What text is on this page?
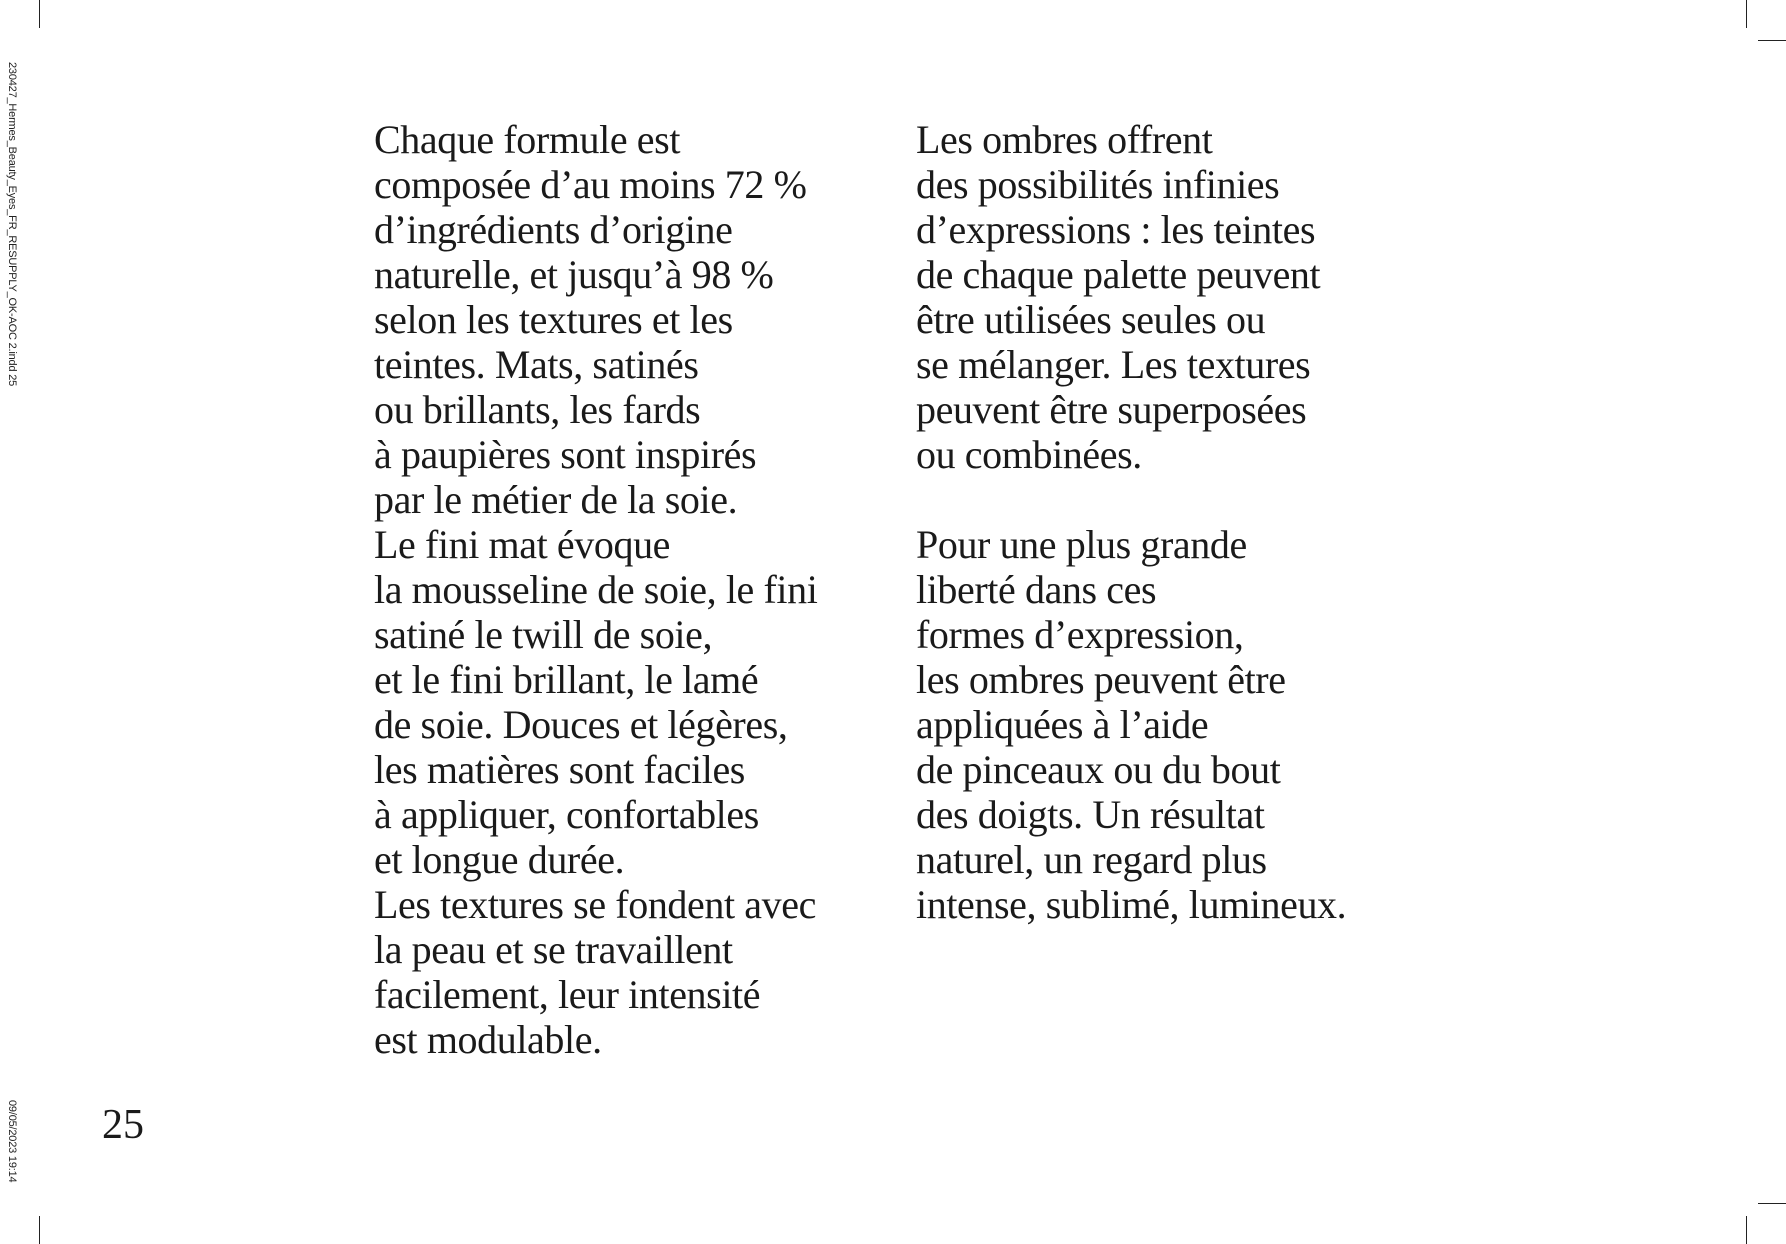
230427_Hermes_Beauty_Eyes_FR_RESUPPLY_OK-AOC 2.indd 25
09/05/2023 19:14
Chaque formule est
composée d’au moins 72 %
d’ingrédients d’origine
naturelle, et jusqu’à 98 %
selon les textures et les
teintes. Mats, satinés
ou brillants, les fards
à paupières sont inspirés
par le métier de la soie.
Le fini mat évoque
la mousseline de soie, le fini
satiné le twill de soie,
et le fini brillant, le lamé
de soie. Douces et légères,
les matières sont faciles
à appliquer, confortables
et longue durée.
Les textures se fondent avec
la peau et se travaillent
facilement, leur intensité
est modulable.
Les ombres offrent
des possibilités infinies
d’expressions : les teintes
de chaque palette peuvent
être utilisées seules ou
se mélanger. Les textures
peuvent être superposées
ou combinées.
Pour une plus grande
liberté dans ces
formes d’expression,
les ombres peuvent être
appliquées à l’aide
de pinceaux ou du bout
des doigts. Un résultat
naturel, un regard plus
intense, sublimé, lumineux.
25
